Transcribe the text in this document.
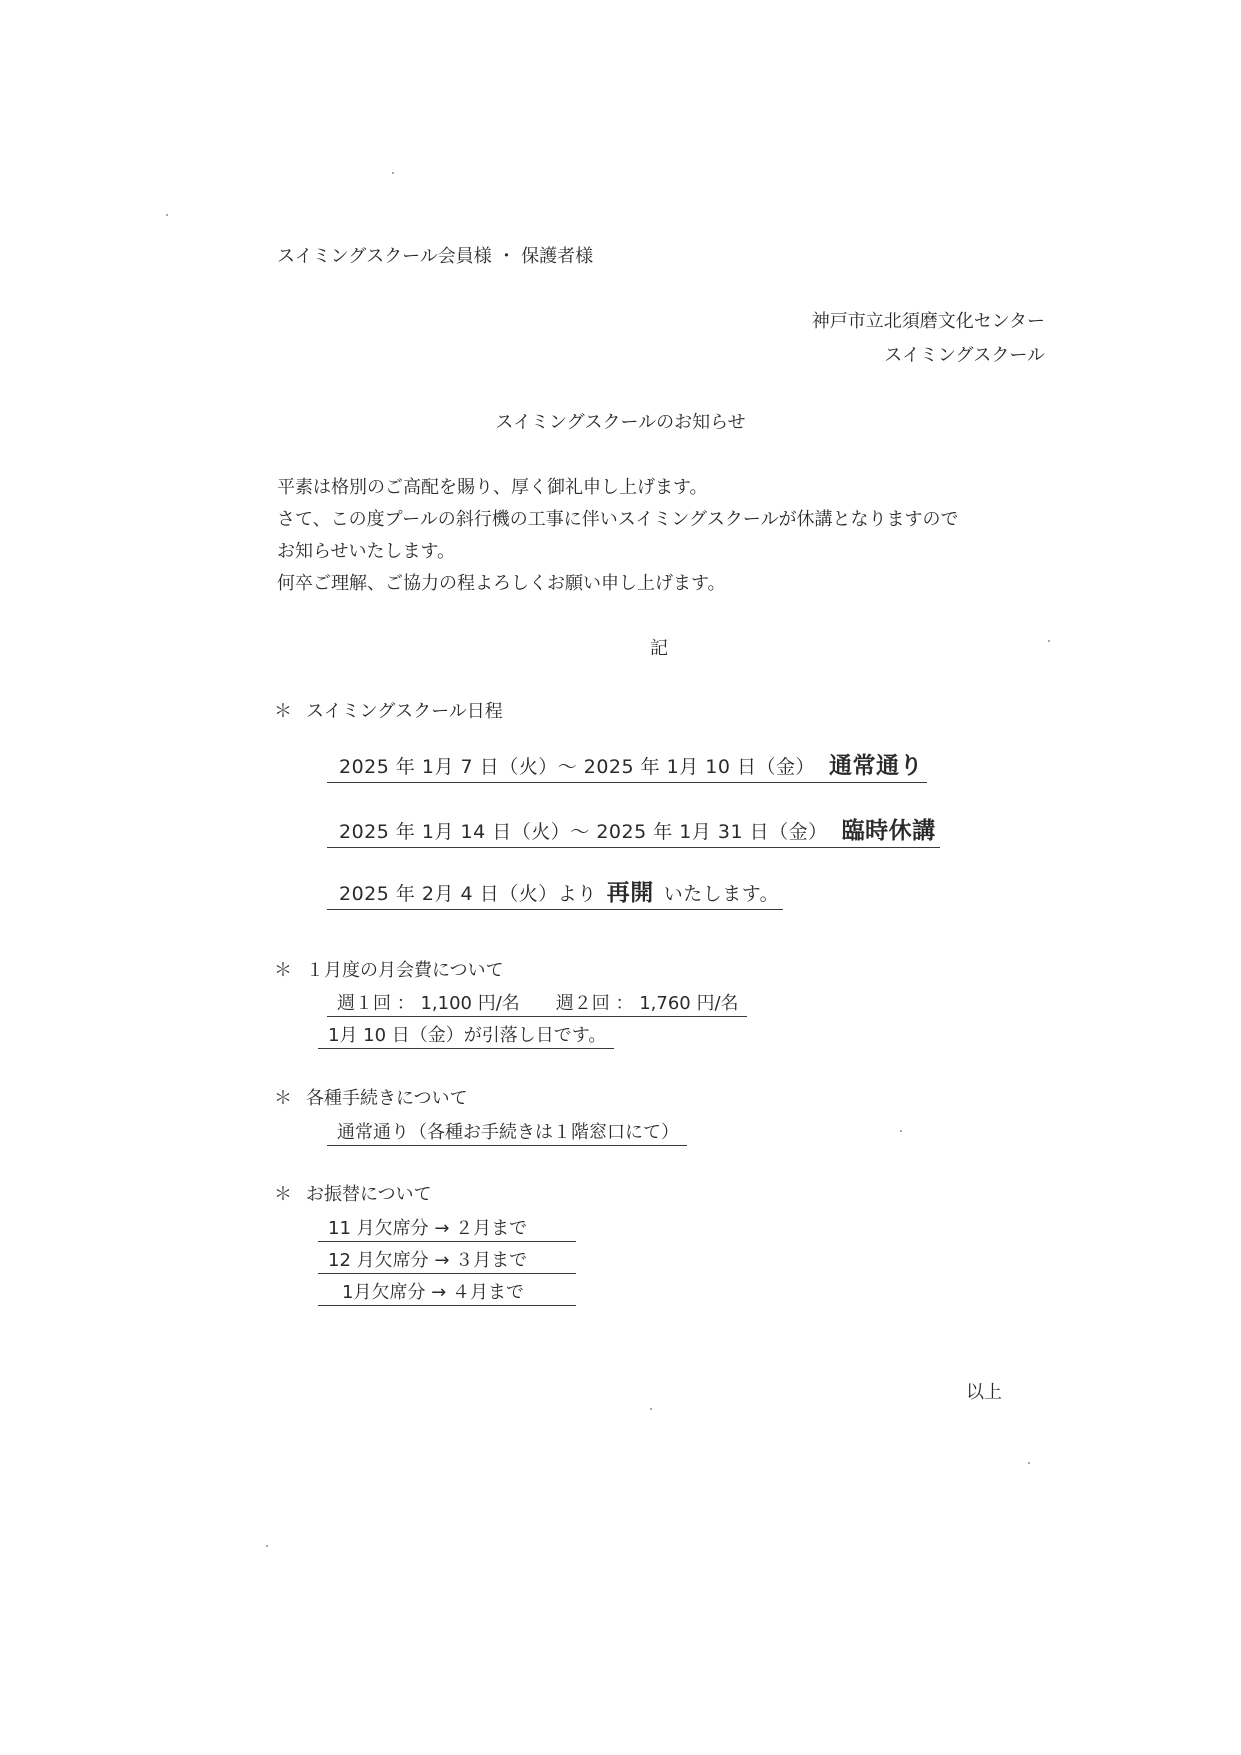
スイミングスクール会員様 ・ 保護者様
神戸市立北須磨文化センター
スイミングスクール
スイミングスクールのお知らせ
平素は格別のご高配を賜り、厚く御礼申し上げます。
さて、この度プールの斜行機の工事に伴いスイミングスクールが休講となりますので
お知らせいたします。
何卒ご理解、ご協力の程よろしくお願い申し上げます。
記
＊ スイミングスクール日程
2025 年 1月 7 日（火）～ 2025 年 1月 10 日（金） 通常通り
2025 年 1月 14 日（火）～ 2025 年 1月 31 日（金） 臨時休講
2025 年 2月 4 日（火）より 再開 いたします。
＊ １月度の月会費について
週１回 ： 1,100 円/名　　週２回 ： 1,760 円/名
1月 10 日（金）が引落し日です。
＊ 各種手続きについて
通常通り（各種お手続きは１階窓口にて）
＊ お振替について
11 月欠席分 → ２月まで
12 月欠席分 → ３月まで
1月欠席分 → ４月まで
以上
